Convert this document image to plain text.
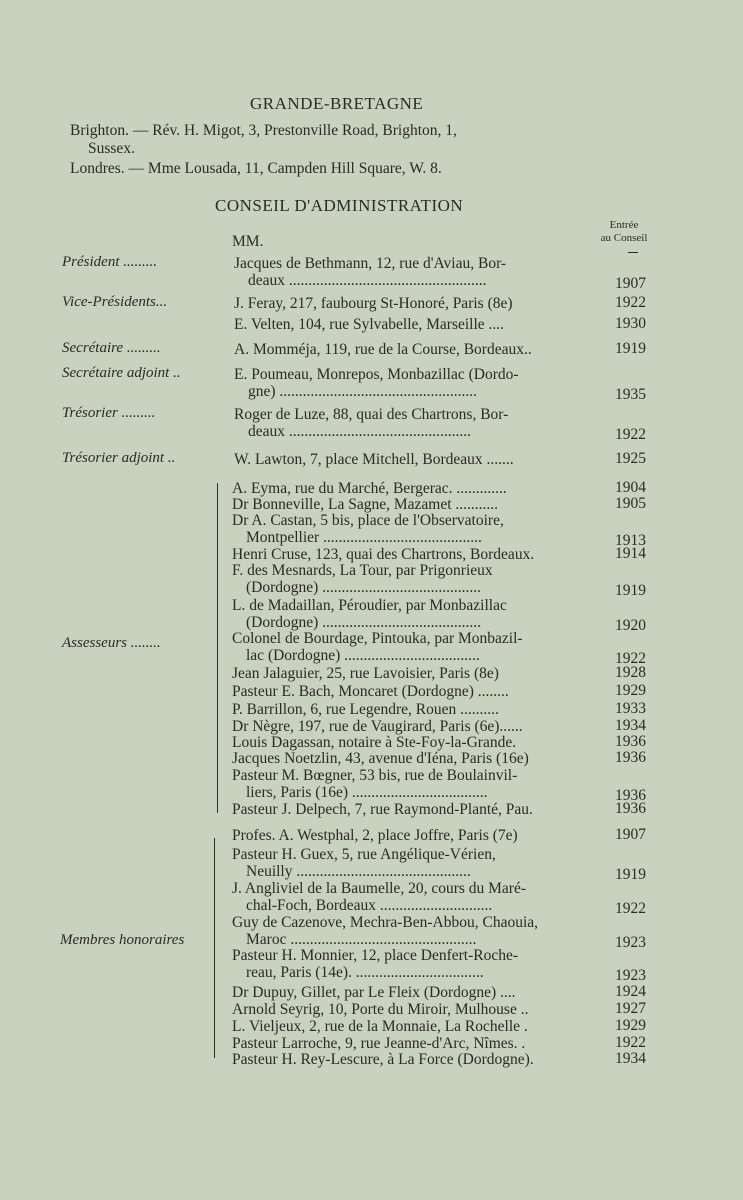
GRANDE-BRETAGNE
Brighton. — Rév. H. Migot, 3, Prestonville Road, Brighton, 1,
Sussex.
Londres. — Mme Lousada, 11, Campden Hill Square, W. 8.
CONSEIL D'ADMINISTRATION
MM.
Entrée
au Conseil
Président .........	Jacques de Bethmann, 12, rue d'Aviau, Bor-
deaux ...................................................	1907
Vice-Présidents...	J. Feray, 217, faubourg St-Honoré, Paris (8e)	1922
E. Velten, 104, rue Sylvabelle, Marseille ....	1930
Secrétaire .........	A. Momméja, 119, rue de la Course, Bordeaux..	1919
Secrétaire adjoint ..	E. Poumeau, Monrepos, Monbazillac (Dordo-
gne) ...................................................	1935
Trésorier .........	Roger de Luze, 88, quai des Chartrons, Bor-
deaux ...............................................	1922
Trésorier adjoint ..	W. Lawton, 7, place Mitchell, Bordeaux .......	1925
Assesseurs ........
A. Eyma, rue du Marché, Bergerac. .............	1904
Dr Bonneville, La Sagne, Mazamet ...........	1905
Dr A. Castan, 5 bis, place de l'Observatoire,
Montpellier .........................................	1913
Henri Cruse, 123, quai des Chartrons, Bordeaux.	1914
F. des Mesnards, La Tour, par Prigonrieux
(Dordogne) .........................................	1919
L. de Madaillan, Péroudier, par Monbazillac
(Dordogne) .........................................	1920
Colonel de Bourdage, Pintouka, par Monbazil-
lac (Dordogne) ...................................	1922
Jean Jalaguier, 25, rue Lavoisier, Paris (8e)	1928
Pasteur E. Bach, Moncaret (Dordogne) ........	1929
P. Barrillon, 6, rue Legendre, Rouen ..........	1933
Dr Nègre, 197, rue de Vaugirard, Paris (6e)......	1934
Louis Dagassan, notaire à Ste-Foy-la-Grande.	1936
Jacques Noetzlin, 43, avenue d'Iéna, Paris (16e)	1936
Pasteur M. Bœgner, 53 bis, rue de Boulainvil-
liers, Paris (16e) ...................................	1936
Pasteur J. Delpech, 7, rue Raymond-Planté, Pau.	1936
Membres honoraires
Profes. A. Westphal, 2, place Joffre, Paris (7e)	1907
Pasteur H. Guex, 5, rue Angélique-Vérien,
Neuilly .............................................	1919
J. Angliviel de la Baumelle, 20, cours du Maré-
chal-Foch, Bordeaux .............................	1922
Guy de Cazenove, Mechra-Ben-Abbou, Chaouia,
Maroc ................................................	1923
Pasteur H. Monnier, 12, place Denfert-Roche-
reau, Paris (14e). .................................	1923
Dr Dupuy, Gillet, par Le Fleix (Dordogne) ....	1924
Arnold Seyrig, 10, Porte du Miroir, Mulhouse ..	1927
L. Vieljeux, 2, rue de la Monnaie, La Rochelle .	1929
Pasteur Larroche, 9, rue Jeanne-d'Arc, Nîmes. .	1922
Pasteur H. Rey-Lescure, à La Force (Dordogne).	1934
